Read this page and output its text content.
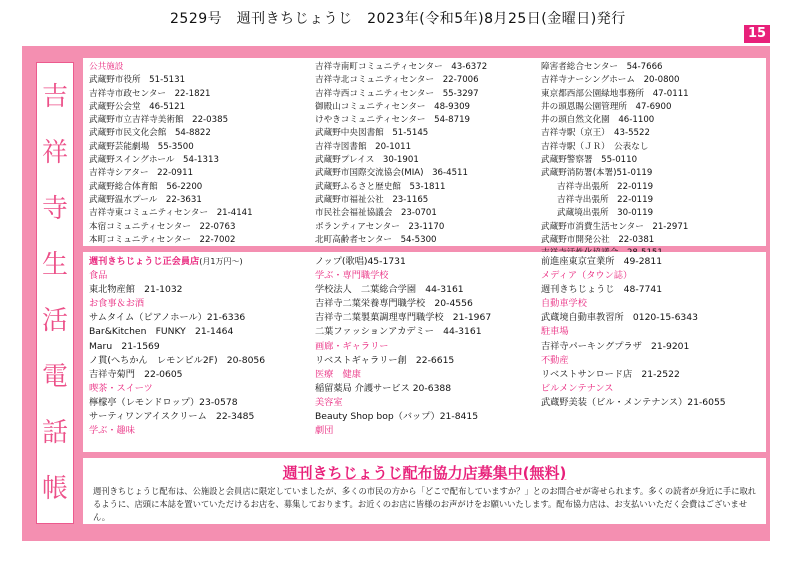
2529号　週刊きちじょうじ　2023年(令和5年)8月25日(金曜日)発行
15
吉
祥
寺
生
活
電
話
帳
公共施設
武蔵野市役所　51-5131
吉祥寺市政センター　22-1821
武蔵野公会堂　46-5121
武蔵野市立吉祥寺美術館　22-0385
武蔵野市民文化会館　54-8822
武蔵野芸能劇場　55-3500
武蔵野スイングホール　54-1313
吉祥寺シアター　22-0911
武蔵野総合体育館　56-2200
武蔵野温水プール　22-3631
吉祥寺東コミュニティセンター　21-4141
本宿コミュニティセンター　22-0763
本町コミュニティセンター　22-7002
吉祥寺南町コミュニティセンター　43-6372
吉祥寺北コミュニティセンター　22-7006
吉祥寺西コミュニティセンター　55-3297
御殿山コミュニティセンター　48-9309
けやきコミュニティセンター　54-8719
武蔵野中央図書館　51-5145
吉祥寺図書館　20-1011
武蔵野プレイス　30-1901
武蔵野市国際交流協会(MIA)　36-4511
武蔵野ふるさと歴史館　53-1811
武蔵野市福祉公社　23-1165
市民社会福祉協議会　23-0701
ボランティアセンター　23-1170
北町高齢者センター　54-5300
障害者総合センター　54-7666
吉祥寺ナーシングホーム　20-0800
東京都西部公園緑地事務所　47-0111
井の頭恩賜公園管理所　47-6900
井の頭自然文化園　46-1100
吉祥寺駅（京王）　43-5522
吉祥寺駅（ＪＲ）　公表なし
武蔵野警察署　55-0110
武蔵野消防署(本署)51-0119
吉祥寺出張所　22-0119
吉祥寺出張所　22-0119
武蔵境出張所　30-0119
武蔵野市消費生活センター　21-2971
武蔵野市開発公社　22-0381
週刊きちじょうじ正会員店(月1万円〜)
食品
東北物産館　21-1032
お食事＆お酒
サムタイム（ピアノホール）21-6336
Bar&Kitchen　FUNKY　21-1464
Maru　21-1569
ノ貫(へちかん　レモンビル2F)　20-8056
吉祥寺菊門　22-0605
喫茶・スイーツ
檸檬亭（レモンドロップ）23-0578
サーティワンアイスクリーム　22-3485
学ぶ・趣味
ノップ(歌唱)45-1731
学ぶ・専門職学校
学校法人　二葉総合学園　44-3161
吉祥寺二葉栄養専門職学校　20-4556
吉祥寺二葉製菓調理専門職学校　21-1967
二葉ファッションアカデミー　44-3161
画廊・ギャラリー
リベストギャラリー創　22-6615
医療　健康
稲留薬局 介護サービス 20-6388
美容室
Beauty Shop bop（バップ）21-8415
劇団
前進座東京宣業所　49-2811
メディア（タウン誌）
週刊きちじょうじ　48-7741
自動車学校
武蔵境自動車教習所　0120-15-6343
駐車場
吉祥寺パーキングプラザ　21-9201
不動産
リベストサンロード店　21-2522
ビルメンテナンス
武蔵野美装（ビル・メンテナンス）21-6055
週刊きちじょうじ配布協力店募集中(無料)
週刊きちじょうじ配布は、公施設と会員店に限定していましたが、多くの市民の方から「どこで配布していますか？」とのお問合せが寄せられます。多くの読者が身近に手に取れるように、店頭に本誌を置いていただけるお店を、募集しております。お近くのお店に皆様のお声がけをお願いいたします。配布協力店は、お支払いいただく会費はございません。
